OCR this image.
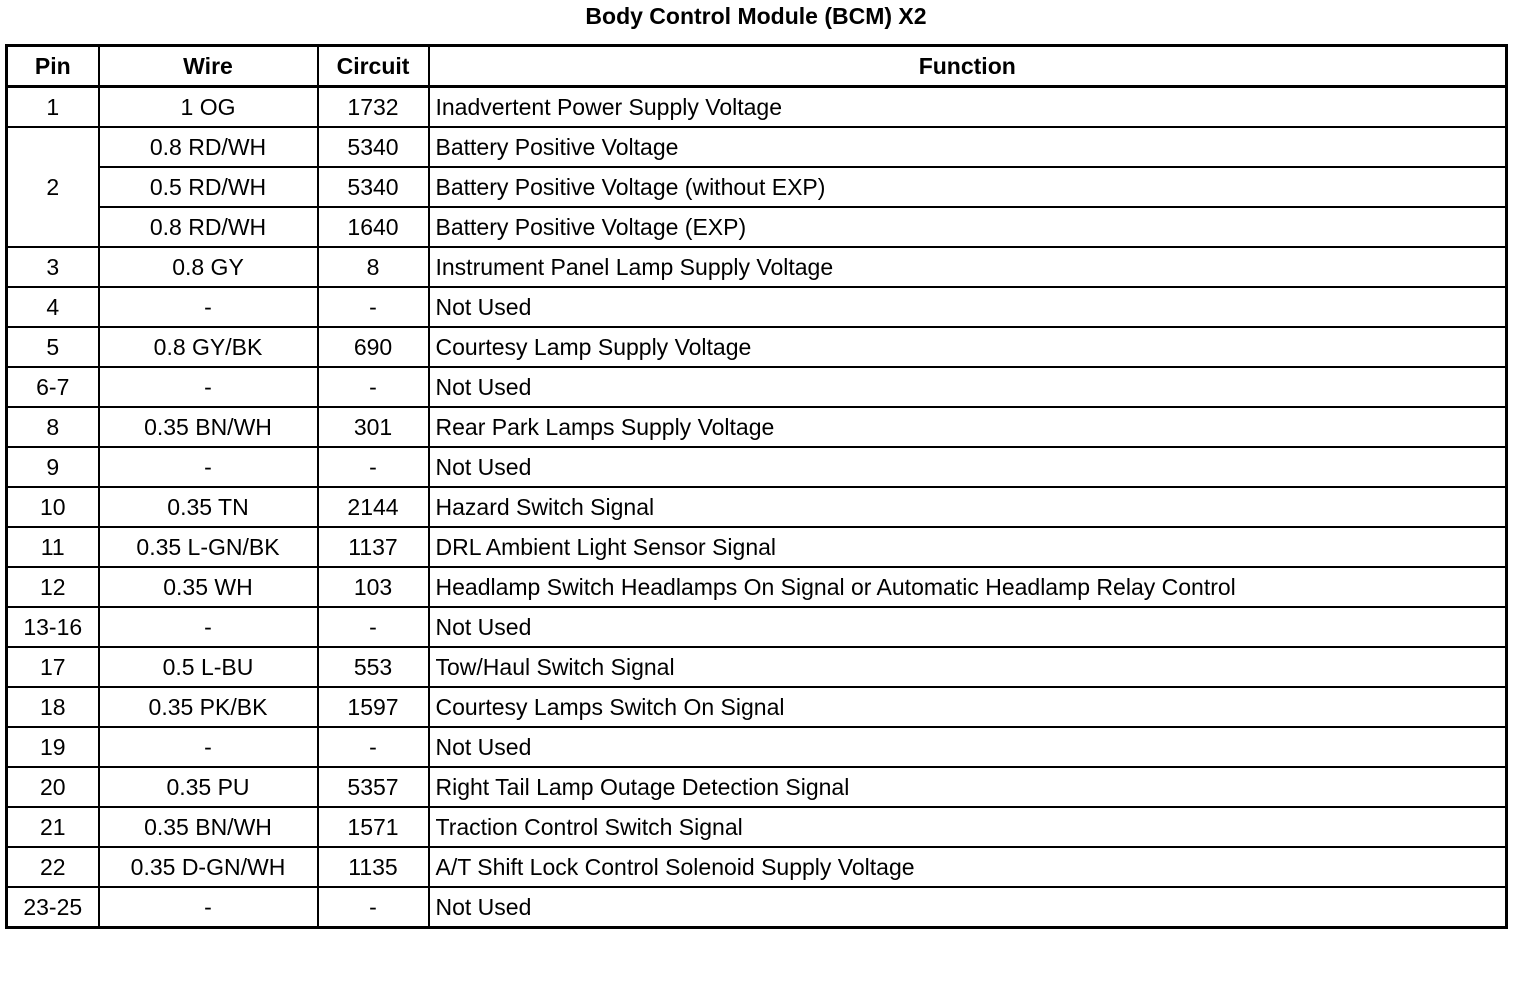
Body Control Module (BCM) X2
Pin	Wire	Circuit	Function
1	1 OG	1732	Inadvertent Power Supply Voltage
2	0.8 RD/WH	5340	Battery Positive Voltage
	0.5 RD/WH	5340	Battery Positive Voltage (without EXP)
	0.8 RD/WH	1640	Battery Positive Voltage (EXP)
3	0.8 GY	8	Instrument Panel Lamp Supply Voltage
4	-	-	Not Used
5	0.8 GY/BK	690	Courtesy Lamp Supply Voltage
6-7	-	-	Not Used
8	0.35 BN/WH	301	Rear Park Lamps Supply Voltage
9	-	-	Not Used
10	0.35 TN	2144	Hazard Switch Signal
11	0.35 L-GN/BK	1137	DRL Ambient Light Sensor Signal
12	0.35 WH	103	Headlamp Switch Headlamps On Signal or Automatic Headlamp Relay Control
13-16	-	-	Not Used
17	0.5 L-BU	553	Tow/Haul Switch Signal
18	0.35 PK/BK	1597	Courtesy Lamps Switch On Signal
19	-	-	Not Used
20	0.35 PU	5357	Right Tail Lamp Outage Detection Signal
21	0.35 BN/WH	1571	Traction Control Switch Signal
22	0.35 D-GN/WH	1135	A/T Shift Lock Control Solenoid Supply Voltage
23-25	-	-	Not Used
